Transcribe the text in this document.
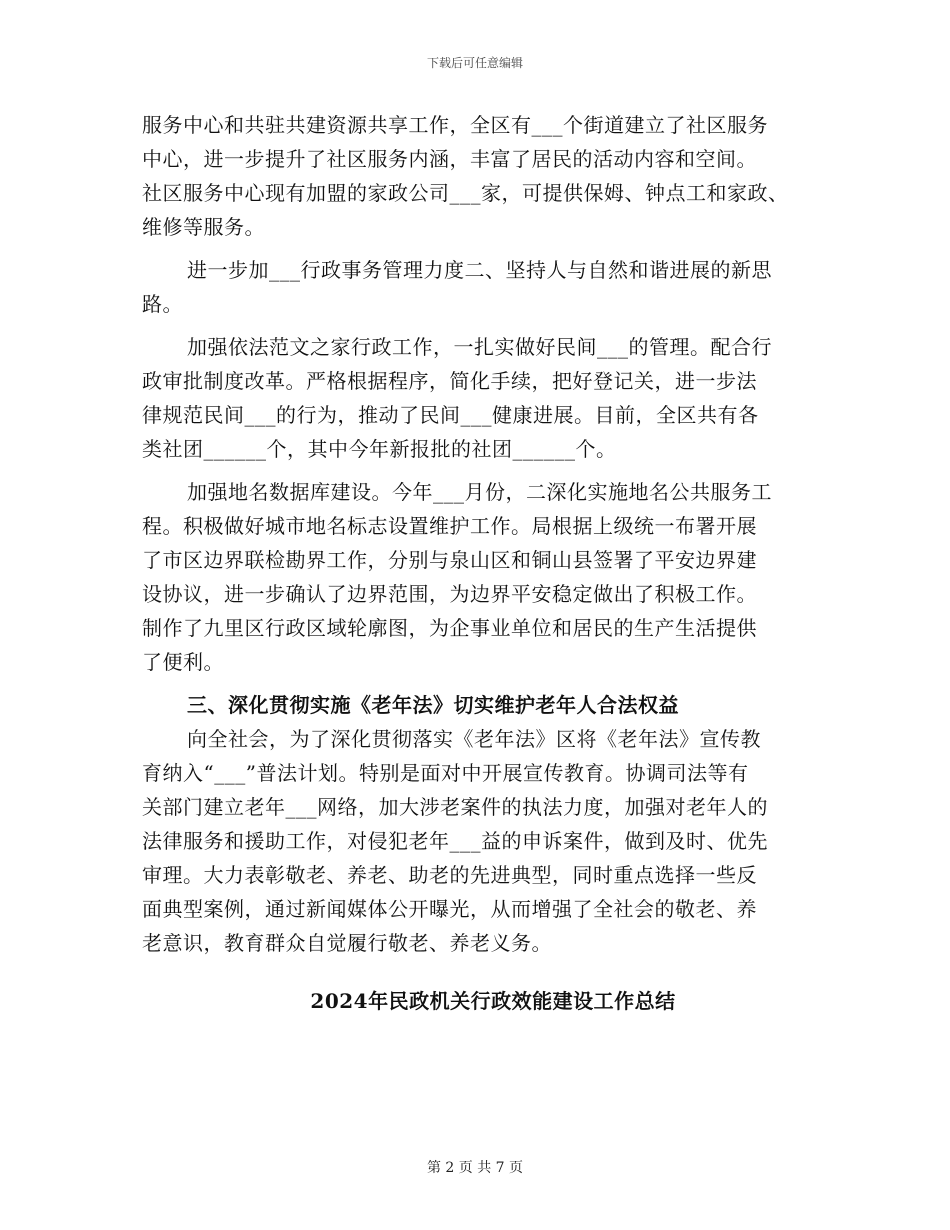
下载后可任意编辑

服务中心和共驻共建资源共享工作，全区有___个街道建立了社区服务
中心，进一步提升了社区服务内涵，丰富了居民的活动内容和空间。
社区服务中心现有加盟的家政公司___家，可提供保姆、钟点工和家政、
维修等服务。

进一步加___行政事务管理力度二、坚持人与自然和谐进展的新思
路。

加强依法范文之家行政工作，一扎实做好民间___的管理。配合行
政审批制度改革。严格根据程序，简化手续，把好登记关，进一步法
律规范民间___的行为，推动了民间___健康进展。目前，全区共有各
类社团______个，其中今年新报批的社团______个。

加强地名数据库建设。今年___月份，二深化实施地名公共服务工
程。积极做好城市地名标志设置维护工作。局根据上级统一布署开展
了市区边界联检勘界工作，分别与泉山区和铜山县签署了平安边界建
设协议，进一步确认了边界范围，为边界平安稳定做出了积极工作。
制作了九里区行政区域轮廓图，为企事业单位和居民的生产生活提供
了便利。

三、深化贯彻实施《老年法》切实维护老年人合法权益

向全社会，为了深化贯彻落实《老年法》区将《老年法》宣传教
育纳入“___”普法计划。特别是面对中开展宣传教育。协调司法等有
关部门建立老年___网络，加大涉老案件的执法力度，加强对老年人的
法律服务和援助工作，对侵犯老年___益的申诉案件，做到及时、优先
审理。大力表彰敬老、养老、助老的先进典型，同时重点选择一些反
面典型案例，通过新闻媒体公开曝光，从而增强了全社会的敬老、养
老意识，教育群众自觉履行敬老、养老义务。

2024年民政机关行政效能建设工作总结

第 2 页 共 7 页
